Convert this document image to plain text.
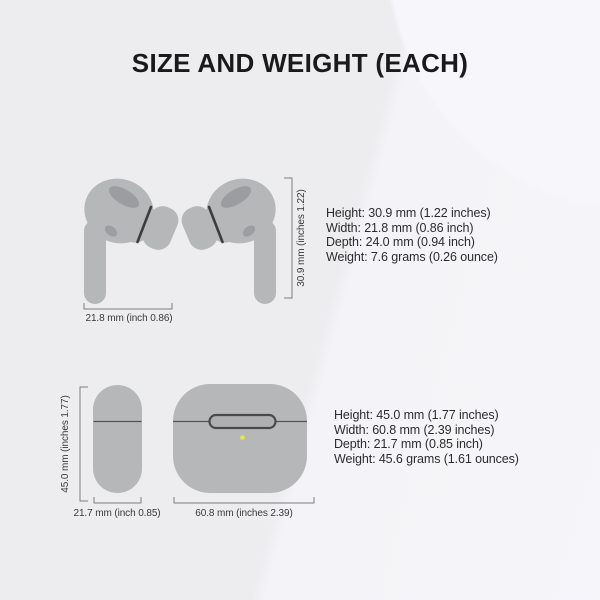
SIZE AND WEIGHT (EACH)
30.9 mm (inches 1.22)
21.8 mm (inch 0.86)
Height: 30.9 mm (1.22 inches)
Width: 21.8 mm (0.86 inch)
Depth: 24.0 mm (0.94 inch)
Weight: 7.6 grams (0.26 ounce)
45.0 mm (inches 1.77)
21.7 mm (inch 0.85)	60.8 mm (inches 2.39)
Height: 45.0 mm (1.77 inches)
Width: 60.8 mm (2.39 inches)
Depth: 21.7 mm (0.85 inch)
Weight: 45.6 grams (1.61 ounces)
